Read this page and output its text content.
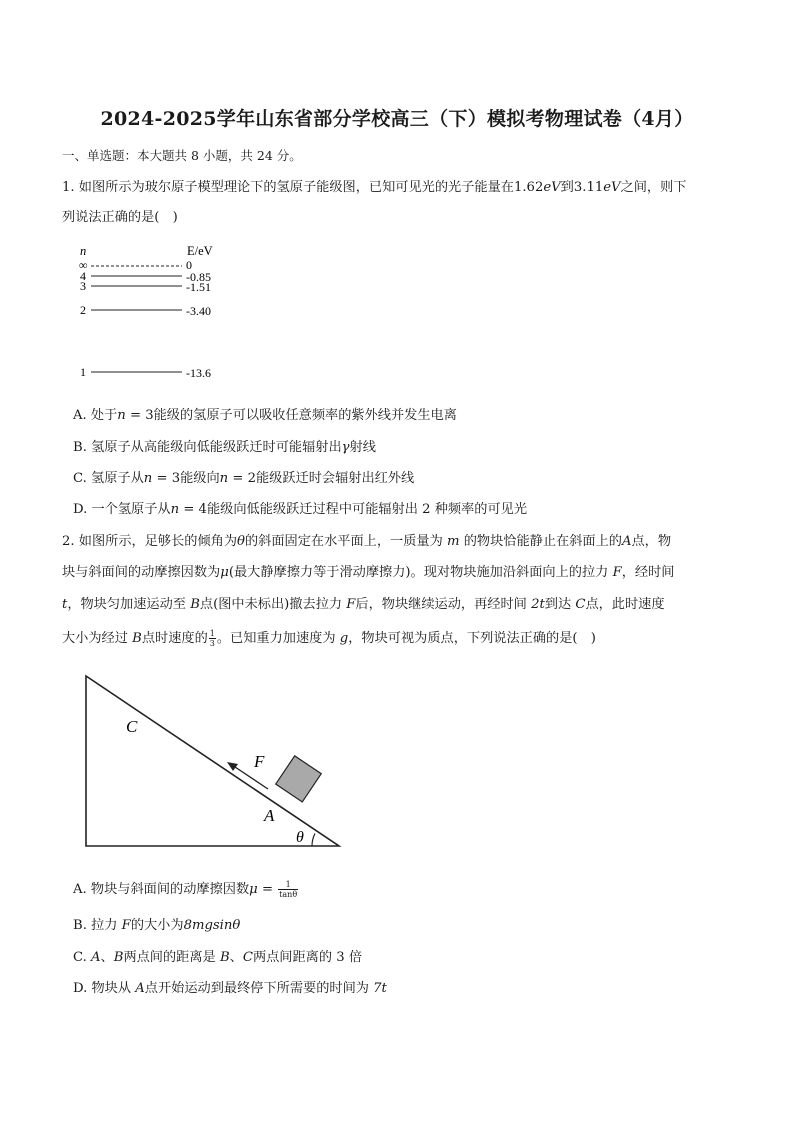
2024-2025学年山东省部分学校高三（下）模拟考物理试卷（4月）
一、单选题：本大题共 8 小题，共 24 分。
1. 如图所示为玻尔原子模型理论下的氢原子能级图，已知可见光的光子能量在1.62eV到3.11eV之间，则下
列说法正确的是(　)
n	E/eV
∞	0
4	-0.85
3	-1.51
2	-3.40
1	-13.6
A. 处于n = 3能级的氢原子可以吸收任意频率的紫外线并发生电离
B. 氢原子从高能级向低能级跃迁时可能辐射出γ射线
C. 氢原子从n = 3能级向n = 2能级跃迁时会辐射出红外线
D. 一个氢原子从n = 4能级向低能级跃迁过程中可能辐射出 2 种频率的可见光
2. 如图所示，足够长的倾角为θ的斜面固定在水平面上，一质量为 m 的物块恰能静止在斜面上的A点，物
块与斜面间的动摩擦因数为μ(最大静摩擦力等于滑动摩擦力)。现对物块施加沿斜面向上的拉力 F，经时间
t，物块匀加速运动至 B点(图中未标出)撤去拉力 F后，物块继续运动，再经时间 2t到达 C点，此时速度
大小为经过 B点时速度的 $\frac{1}{3}$ 。已知重力加速度为 g，物块可视为质点，下列说法正确的是(　)
C
F
A
θ
A. 物块与斜面间的动摩擦因数$\mu = \frac{1}{\tan\theta}$
B. 拉力 F的大小为8mgsinθ
C. A、B两点间的距离是 B、C两点间距离的 3 倍
D. 物块从 A点开始运动到最终停下所需要的时间为 7t
